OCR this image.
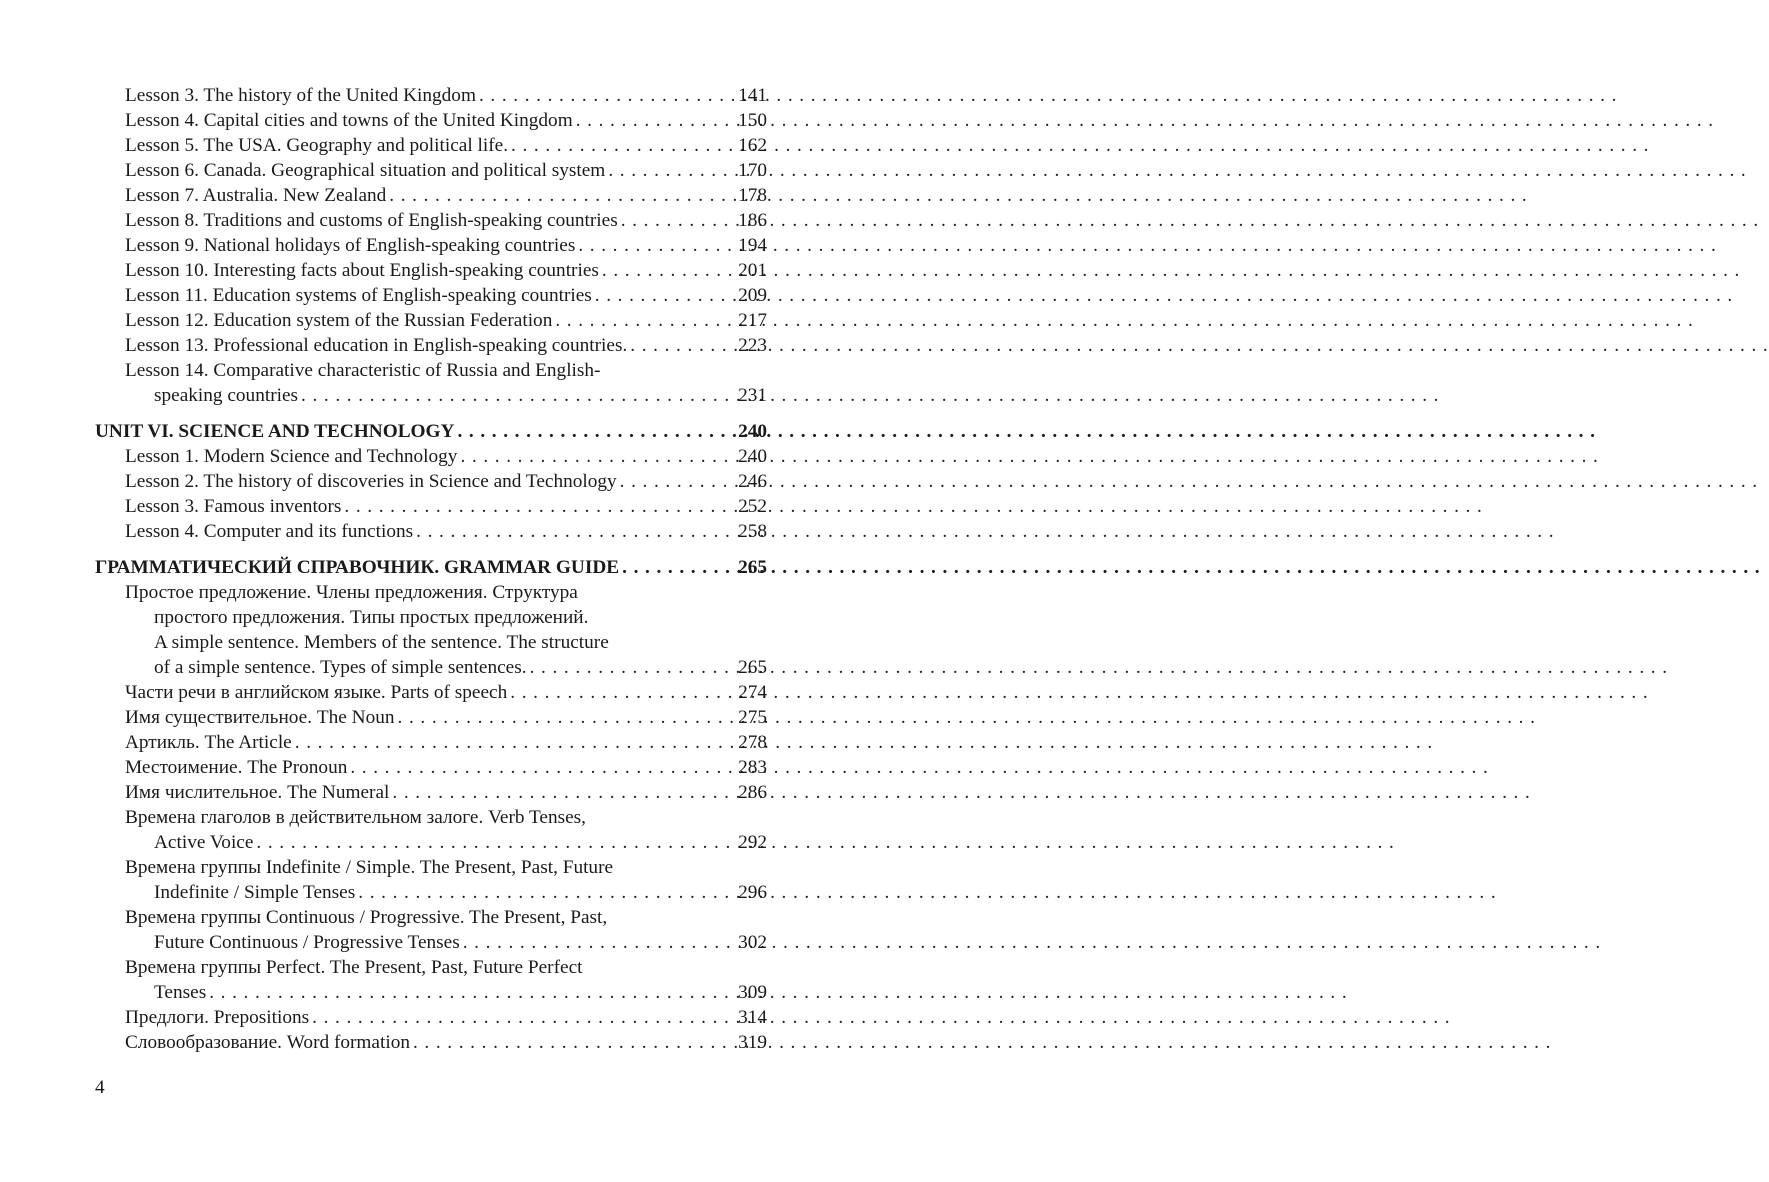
Lesson 3. The history of the United Kingdom . . .	141
Lesson 4. Capital cities and towns of the United Kingdom . . .	150
Lesson 5. The USA. Geography and political life. . . .	162
Lesson 6. Canada. Geographical situation and political system . . .	170
Lesson 7. Australia. New Zealand . . .	178
Lesson 8. Traditions and customs of English-speaking countries . . .	186
Lesson 9. National holidays of English-speaking countries . . .	194
Lesson 10. Interesting facts about English-speaking countries . . .	201
Lesson 11. Education systems of English-speaking countries . . .	209
Lesson 12. Education system of the Russian Federation . . .	217
Lesson 13. Professional education in English-speaking countries. . . .	223
Lesson 14. Comparative characteristic of Russia and English-
speaking countries . . .	231
UNIT VI. SCIENCE AND TECHNOLOGY . . .	240
Lesson 1. Modern Science and Technology . . .	240
Lesson 2. The history of discoveries in Science and Technology . . .	246
Lesson 3. Famous inventors . . .	252
Lesson 4. Computer and its functions . . .	258
ГРАММАТИЧЕСКИЙ СПРАВОЧНИК. GRAMMAR GUIDE . . .	265
Простое предложение. Члены предложения. Структура
простого предложения. Типы простых предложений.
A simple sentence. Members of the sentence. The structure
of a simple sentence. Types of simple sentences. . . .	265
Части речи в английском языке. Parts of speech . . .	274
Имя существительное. The Noun . . .	275
Артикль. The Article . . .	278
Местоимение. The Pronoun . . .	283
Имя числительное. The Numeral . . .	286
Времена глаголов в действительном залоге. Verb Tenses,
Active Voice . . .	292
Времена группы Indefinite / Simple. The Present, Past, Future
Indefinite / Simple Tenses . . .	296
Времена группы Continuous / Progressive. The Present, Past,
Future Continuous / Progressive Tenses . . .	302
Времена группы Perfect. The Present, Past, Future Perfect
Tenses . . .	309
Предлоги. Prepositions . . .	314
Словообразование. Word formation . . .	319
4
